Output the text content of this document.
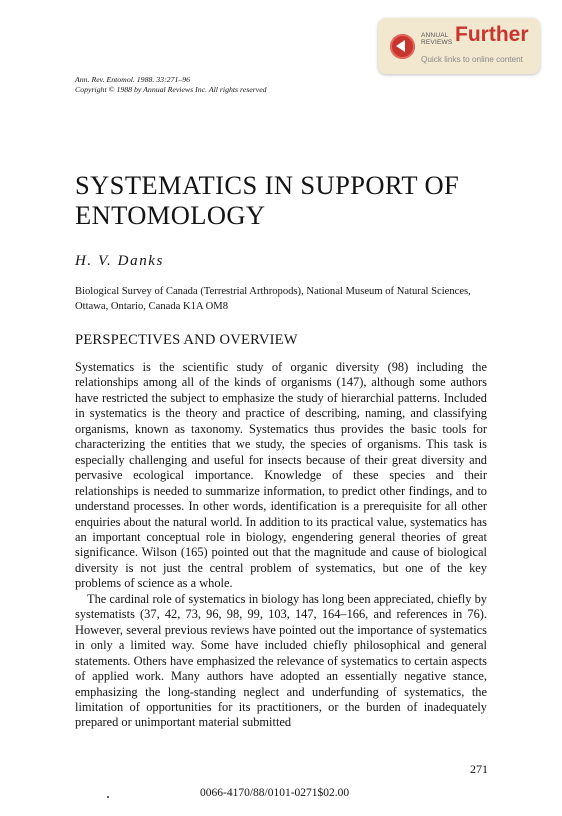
ANNUAL
REVIEWS Further
Quick links to online content
Ann. Rev. Entomol. 1988. 33:271–96
Copyright © 1988 by Annual Reviews Inc. All rights reserved
SYSTEMATICS IN SUPPORT OF ENTOMOLOGY
H. V. Danks
Biological Survey of Canada (Terrestrial Arthropods), National Museum of Natural Sciences, Ottawa, Ontario, Canada K1A OM8
PERSPECTIVES AND OVERVIEW

Systematics is the scientific study of organic diversity (98) including the relationships among all of the kinds of organisms (147), although some authors have restricted the subject to emphasize the study of hierarchial patterns. Included in systematics is the theory and practice of describing, naming, and classifying organisms, known as taxonomy. Systematics thus provides the basic tools for characterizing the entities that we study, the species of organisms. This task is especially challenging and useful for insects because of their great diversity and pervasive ecological importance. Knowledge of these species and their relationships is needed to summarize information, to predict other findings, and to understand processes. In other words, identification is a prerequisite for all other enquiries about the natural world. In addition to its practical value, systematics has an important conceptual role in biology, engendering general theories of great significance. Wilson (165) pointed out that the magnitude and cause of biological diversity is not just the central problem of systematics, but one of the key problems of science as a whole.

The cardinal role of systematics in biology has long been appreciated, chiefly by systematists (37, 42, 73, 96, 98, 99, 103, 147, 164–166, and references in 76). However, several previous reviews have pointed out the importance of systematics in only a limited way. Some have included chiefly philosophical and general statements. Others have emphasized the relevance of systematics to certain aspects of applied work. Many authors have adopted an essentially negative stance, emphasizing the long-standing neglect and underfunding of systematics, the limitation of opportunities for its practitioners, or the burden of inadequately prepared or unimportant material submitted

271
0066-4170/88/0101-0271$02.00
